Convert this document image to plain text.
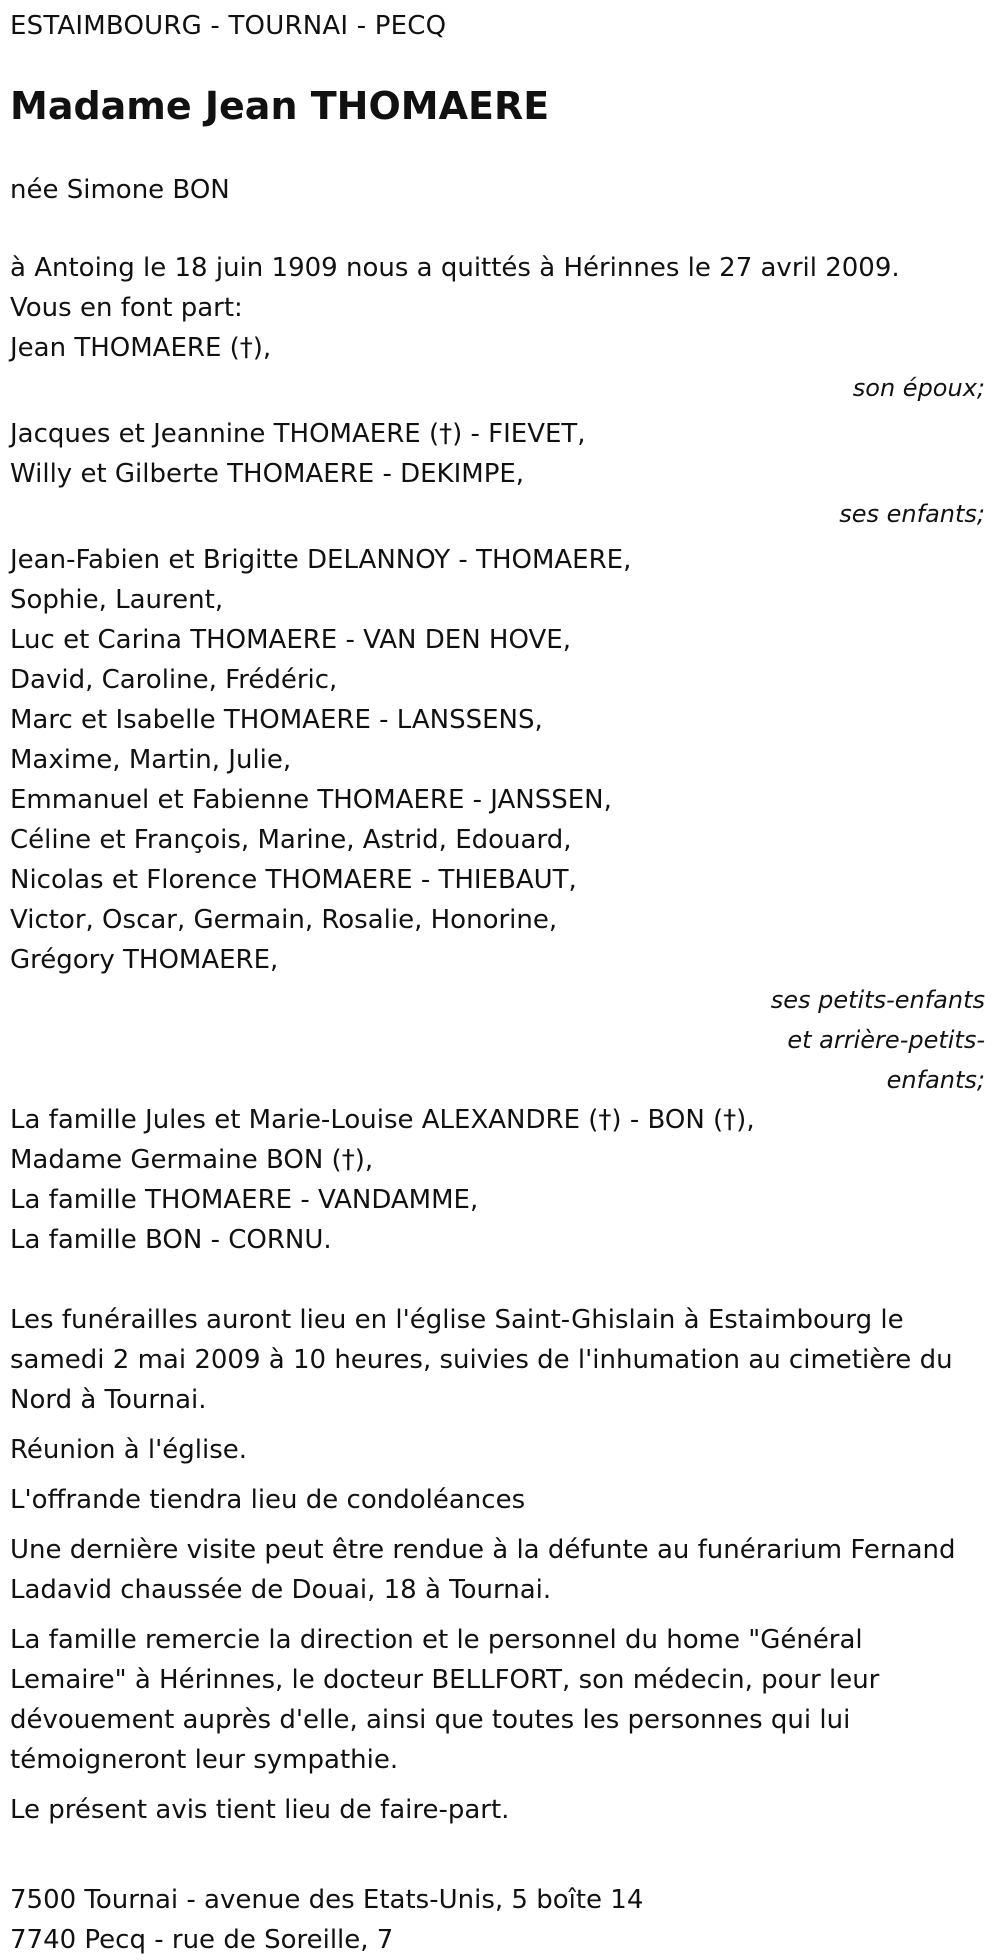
ESTAIMBOURG - TOURNAI - PECQ
Madame Jean THOMAERE
née Simone BON
à Antoing le 18 juin 1909 nous a quittés à Hérinnes le 27 avril 2009.
Vous en font part:
Jean THOMAERE (†),
son époux;
Jacques et Jeannine THOMAERE (†) - FIEVET,
Willy et Gilberte THOMAERE - DEKIMPE,
ses enfants;
Jean-Fabien et Brigitte DELANNOY - THOMAERE,
Sophie, Laurent,
Luc et Carina THOMAERE - VAN DEN HOVE,
David, Caroline, Frédéric,
Marc et Isabelle THOMAERE - LANSSENS,
Maxime, Martin, Julie,
Emmanuel et Fabienne THOMAERE - JANSSEN,
Céline et François, Marine, Astrid, Edouard,
Nicolas et Florence THOMAERE - THIEBAUT,
Victor, Oscar, Germain, Rosalie, Honorine,
Grégory THOMAERE,
ses petits-enfants
et arrière-petits-
enfants;
La famille Jules et Marie-Louise ALEXANDRE (†) - BON (†),
Madame Germaine BON (†),
La famille THOMAERE - VANDAMME,
La famille BON - CORNU.
Les funérailles auront lieu en l'église Saint-Ghislain à Estaimbourg le samedi 2 mai 2009 à 10 heures, suivies de l'inhumation au cimetière du Nord à Tournai.
Réunion à l'église.
L'offrande tiendra lieu de condoléances
Une dernière visite peut être rendue à la défunte au funérarium Fernand Ladavid chaussée de Douai, 18 à Tournai.
La famille remercie la direction et le personnel du home "Général Lemaire" à Hérinnes, le docteur BELLFORT, son médecin, pour leur dévouement auprès d'elle, ainsi que toutes les personnes qui lui témoigneront leur sympathie.
Le présent avis tient lieu de faire-part.
7500 Tournai - avenue des Etats-Unis, 5 boîte 14
7740 Pecq - rue de Soreille, 7
